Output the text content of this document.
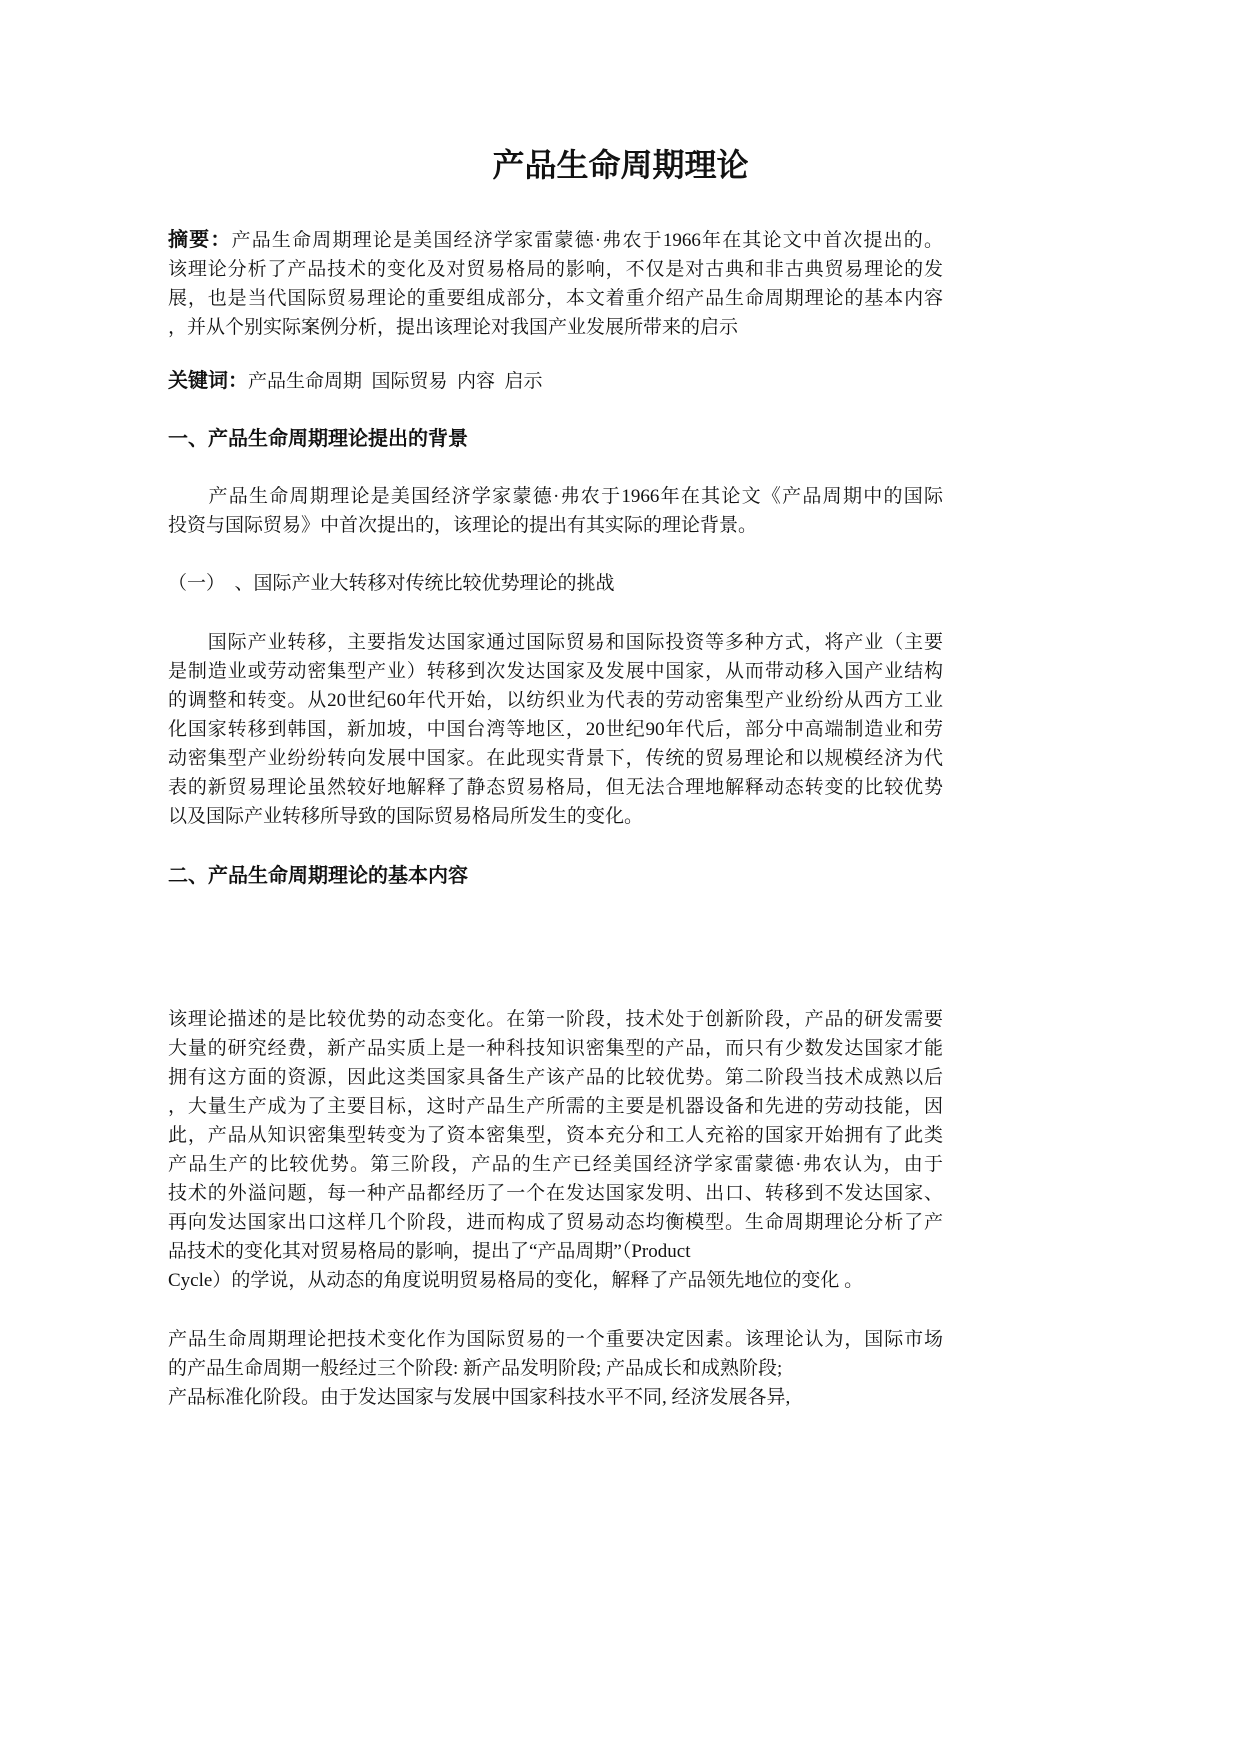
产品生命周期理论
摘要：产品生命周期理论是美国经济学家雷蒙德·弗农于1966年在其论文中首次提出的。
该理论分析了产品技术的变化及对贸易格局的影响，不仅是对古典和非古典贸易理论的发
展，也是当代国际贸易理论的重要组成部分，本文着重介绍产品生命周期理论的基本内容
，并从个别实际案例分析，提出该理论对我国产业发展所带来的启示
关键词：产品生命周期  国际贸易  内容  启示
一、产品生命周期理论提出的背景
　　产品生命周期理论是美国经济学家蒙德·弗农于1966年在其论文《产品周期中的国际
投资与国际贸易》中首次提出的，该理论的提出有其实际的理论背景。
（一）  、国际产业大转移对传统比较优势理论的挑战
　　国际产业转移，主要指发达国家通过国际贸易和国际投资等多种方式，将产业（主要
是制造业或劳动密集型产业）转移到次发达国家及发展中国家，从而带动移入国产业结构
的调整和转变。从20世纪60年代开始，以纺织业为代表的劳动密集型产业纷纷从西方工业
化国家转移到韩国，新加坡，中国台湾等地区，20世纪90年代后，部分中高端制造业和劳
动密集型产业纷纷转向发展中国家。在此现实背景下，传统的贸易理论和以规模经济为代
表的新贸易理论虽然较好地解释了静态贸易格局，但无法合理地解释动态转变的比较优势
以及国际产业转移所导致的国际贸易格局所发生的变化。
二、产品生命周期理论的基本内容
该理论描述的是比较优势的动态变化。在第一阶段，技术处于创新阶段，产品的研发需要
大量的研究经费，新产品实质上是一种科技知识密集型的产品，而只有少数发达国家才能
拥有这方面的资源，因此这类国家具备生产该产品的比较优势。第二阶段当技术成熟以后
，大量生产成为了主要目标，这时产品生产所需的主要是机器设备和先进的劳动技能，因
此，产品从知识密集型转变为了资本密集型，资本充分和工人充裕的国家开始拥有了此类
产品生产的比较优势。第三阶段，产品的生产已经美国经济学家雷蒙德·弗农认为，由于
技术的外溢问题，每一种产品都经历了一个在发达国家发明、出口、转移到不发达国家、
再向发达国家出口这样几个阶段，进而构成了贸易动态均衡模型。生命周期理论分析了产
品技术的变化其对贸易格局的影响，提出了“产品周期”（Product
Cycle）的学说，从动态的角度说明贸易格局的变化，解释了产品领先地位的变化 。
产品生命周期理论把技术变化作为国际贸易的一个重要决定因素。该理论认为，国际市场
的产品生命周期一般经过三个阶段: 新产品发明阶段; 产品成长和成熟阶段;
产品标准化阶段。由于发达国家与发展中国家科技水平不同, 经济发展各异,
